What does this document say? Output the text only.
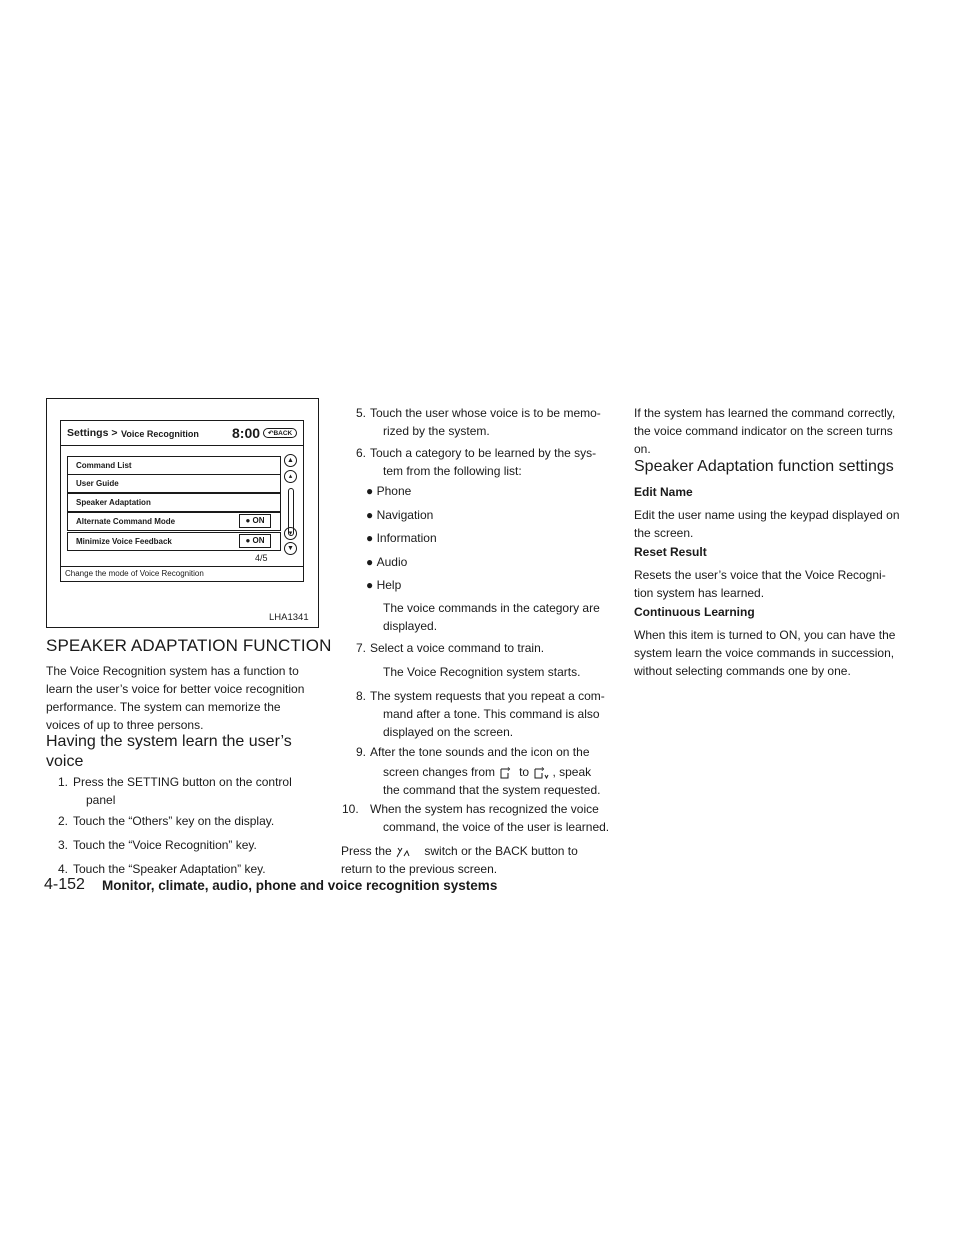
Settings > Voice Recognition 8:00	↶BACK
Command List
User Guide
Speaker Adaptation
Alternate Command Mode
Minimize Voice Feedback
● ON
● ON
▲
▴
▾
▼
4/5
Change the mode of Voice Recognition
LHA1341
SPEAKER ADAPTATION FUNCTION
The Voice Recognition system has a function to
learn the user’s voice for better voice recognition
performance. The system can memorize the
voices of up to three persons.
Having the system learn the user’s
voice
1. Press the SETTING button on the control
panel
2. Touch the “Others” key on the display.
3. Touch the “Voice Recognition” key.
4. Touch the “Speaker Adaptation” key.
5. Touch the user whose voice is to be memo-
rized by the system.
6. Touch a category to be learned by the sys-
tem from the following list:
● Phone
● Navigation
● Information
● Audio
● Help
The voice commands in the category are
displayed.
7. Select a voice command to train.
The Voice Recognition system starts.
8. The system requests that you repeat a com-
mand after a tone. This command is also
displayed on the screen.
9. After the tone sounds and the icon on the
screen changes from to , speak
the command that the system requested.
10. When the system has recognized the voice
command, the voice of the user is learned.
Press the	switch or the BACK button to
return to the previous screen.
If the system has learned the command correctly,
the voice command indicator on the screen turns
on.
Speaker Adaptation function settings
Edit Name
Edit the user name using the keypad displayed on
the screen.
Reset Result
Resets the user’s voice that the Voice Recogni-
tion system has learned.
Continuous Learning
When this item is turned to ON, you can have the
system learn the voice commands in succession,
without selecting commands one by one.
4-152 Monitor, climate, audio, phone and voice recognition systems
